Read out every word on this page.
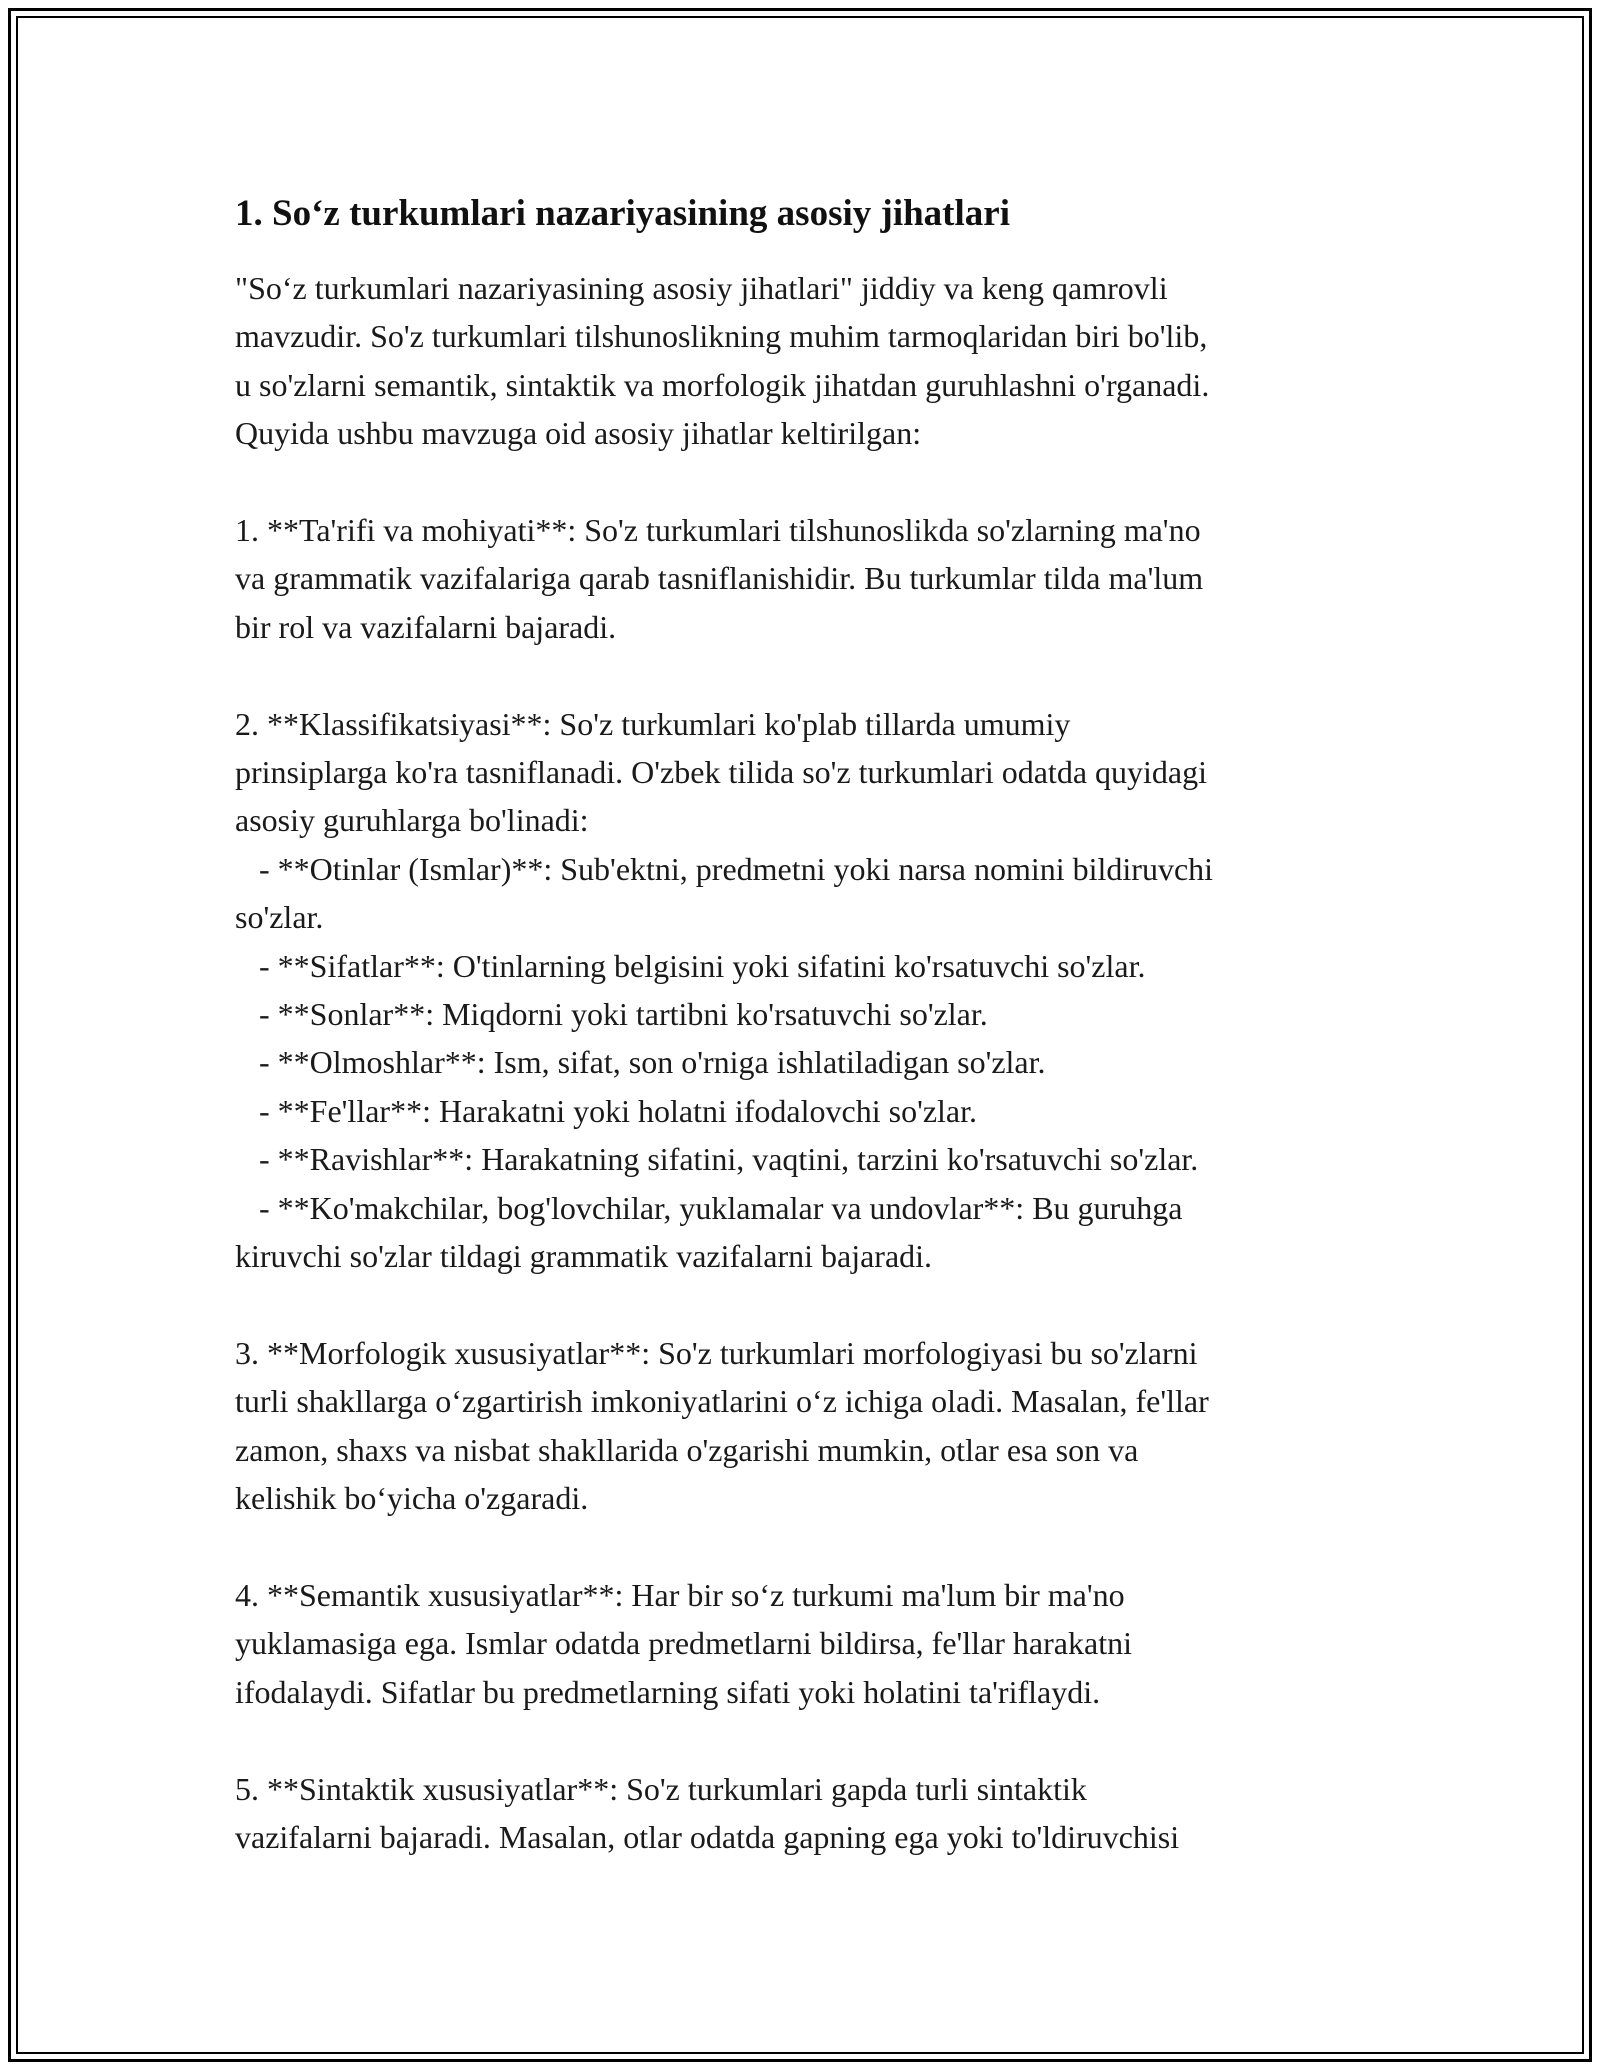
1. So‘z turkumlari nazariyasining asosiy jihatlari
"So‘z turkumlari nazariyasining asosiy jihatlari" jiddiy va keng qamrovli
mavzudir. So'z turkumlari tilshunoslikning muhim tarmoqlaridan biri bo'lib,
u so'zlarni semantik, sintaktik va morfologik jihatdan guruhlashni o'rganadi.
Quyida ushbu mavzuga oid asosiy jihatlar keltirilgan:
1. **Ta'rifi va mohiyati**: So'z turkumlari tilshunoslikda so'zlarning ma'no
va grammatik vazifalariga qarab tasniflanishidir. Bu turkumlar tilda ma'lum
bir rol va vazifalarni bajaradi.
2. **Klassifikatsiyasi**: So'z turkumlari ko'plab tillarda umumiy
prinsiplarga ko'ra tasniflanadi. O'zbek tilida so'z turkumlari odatda quyidagi
asosiy guruhlarga bo'linadi:
- **Otinlar (Ismlar)**: Sub'ektni, predmetni yoki narsa nomini bildiruvchi
so'zlar.
- **Sifatlar**: O'tinlarning belgisini yoki sifatini ko'rsatuvchi so'zlar.
- **Sonlar**: Miqdorni yoki tartibni ko'rsatuvchi so'zlar.
- **Olmoshlar**: Ism, sifat, son o'rniga ishlatiladigan so'zlar.
- **Fe'llar**: Harakatni yoki holatni ifodalovchi so'zlar.
- **Ravishlar**: Harakatning sifatini, vaqtini, tarzini ko'rsatuvchi so'zlar.
- **Ko'makchilar, bog'lovchilar, yuklamalar va undovlar**: Bu guruhga
kiruvchi so'zlar tildagi grammatik vazifalarni bajaradi.
3. **Morfologik xususiyatlar**: So'z turkumlari morfologiyasi bu so'zlarni
turli shakllarga o‘zgartirish imkoniyatlarini o‘z ichiga oladi. Masalan, fe'llar
zamon, shaxs va nisbat shakllarida o'zgarishi mumkin, otlar esa son va
kelishik bo‘yicha o'zgaradi.
4. **Semantik xususiyatlar**: Har bir so‘z turkumi ma'lum bir ma'no
yuklamasiga ega. Ismlar odatda predmetlarni bildirsa, fe'llar harakatni
ifodalaydi. Sifatlar bu predmetlarning sifati yoki holatini ta'riflaydi.
5. **Sintaktik xususiyatlar**: So'z turkumlari gapda turli sintaktik
vazifalarni bajaradi. Masalan, otlar odatda gapning ega yoki to'ldiruvchisi
